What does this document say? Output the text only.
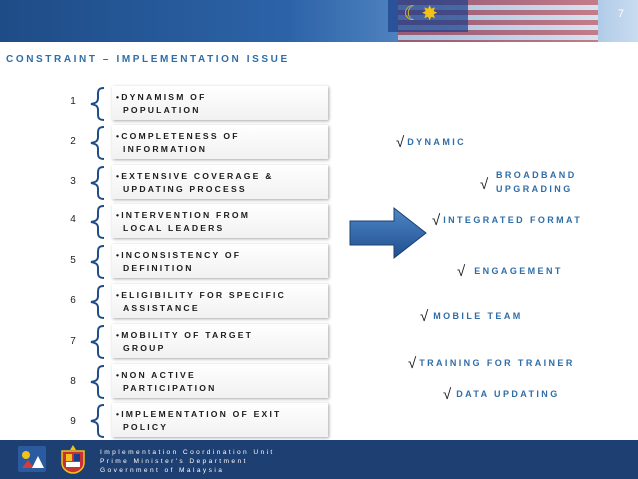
☾✸	7
CONSTRAINT – IMPLEMENTATION ISSUE
1	•DYNAMISM OF
POPULATION
2	•COMPLETENESS OF
INFORMATION
3	•EXTENSIVE COVERAGE &
UPDATING PROCESS
4	•INTERVENTION FROM
LOCAL LEADERS
5	•INCONSISTENCY OF
DEFINITION
6	•ELIGIBILITY FOR SPECIFIC
ASSISTANCE
7
•MOBILITY OF TARGET
GROUP
8
•NON ACTIVE
PARTICIPATION
9
•IMPLEMENTATION OF EXIT
POLICY
√ DYNAMIC
√
BROADBAND
UPGRADING
√ INTEGRATED FORMAT
√ ENGAGEMENT
√ MOBILE TEAM
√ TRAINING FOR TRAINER
√ DATA UPDATING
Implementation Coordination Unit
Prime Minister's Department
Government of Malaysia
